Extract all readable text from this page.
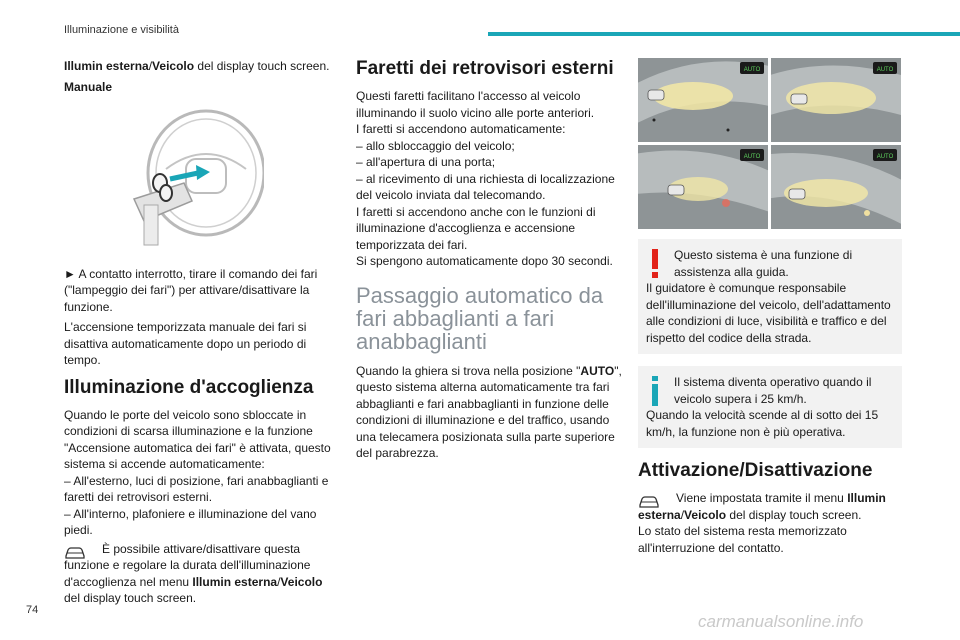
Illuminazione e visibilità

Illumin esterna/Veicolo del display touch screen.

Manuale

► A contatto interrotto, tirare il comando dei fari ("lampeggio dei fari") per attivare/disattivare la funzione.

L'accensione temporizzata manuale dei fari si disattiva automaticamente dopo un periodo di tempo.

Illuminazione d'accoglienza

Quando le porte del veicolo sono sbloccate in condizioni di scarsa illuminazione e la funzione "Accensione automatica dei fari" è attivata, questo sistema si accende automaticamente:

– All'esterno, luci di posizione, fari anabbaglianti e faretti dei retrovisori esterni.

– All'interno, plafoniere e illuminazione del vano piedi.

È possibile attivare/disattivare questa funzione e regolare la durata dell'illuminazione d'accoglienza nel menu Illumin esterna/Veicolo del display touch screen.

Faretti dei retrovisori esterni

Questi faretti facilitano l'accesso al veicolo illuminando il suolo vicino alle porte anteriori.

I faretti si accendono automaticamente:

– allo sbloccaggio del veicolo;

– all'apertura di una porta;

– al ricevimento di una richiesta di localizzazione del veicolo inviata dal telecomando.

I faretti si accendono anche con le funzioni di illuminazione d'accoglienza e accensione temporizzata dei fari.

Si spengono automaticamente dopo 30 secondi.

Passaggio automatico da fari abbaglianti a fari anabbaglianti

Quando la ghiera si trova nella posizione "AUTO", questo sistema alterna automaticamente tra fari abbaglianti e fari anabbaglianti in funzione delle condizioni di illuminazione e del traffico, usando una telecamera posizionata sulla parte superiore del parabrezza.

AUTO	AUTO
AUTO	AUTO

Questo sistema è una funzione di assistenza alla guida.

Il guidatore è comunque responsabile dell'illuminazione del veicolo, dell'adattamento alle condizioni di luce, visibilità e traffico e del rispetto del codice della strada.

Il sistema diventa operativo quando il veicolo supera i 25 km/h.

Quando la velocità scende al di sotto dei 15 km/h, la funzione non è più operativa.

Attivazione/Disattivazione

Viene impostata tramite il menu Illumin esterna/Veicolo del display touch screen.

Lo stato del sistema resta memorizzato all'interruzione del contatto.

74
carmanualsonline.info
